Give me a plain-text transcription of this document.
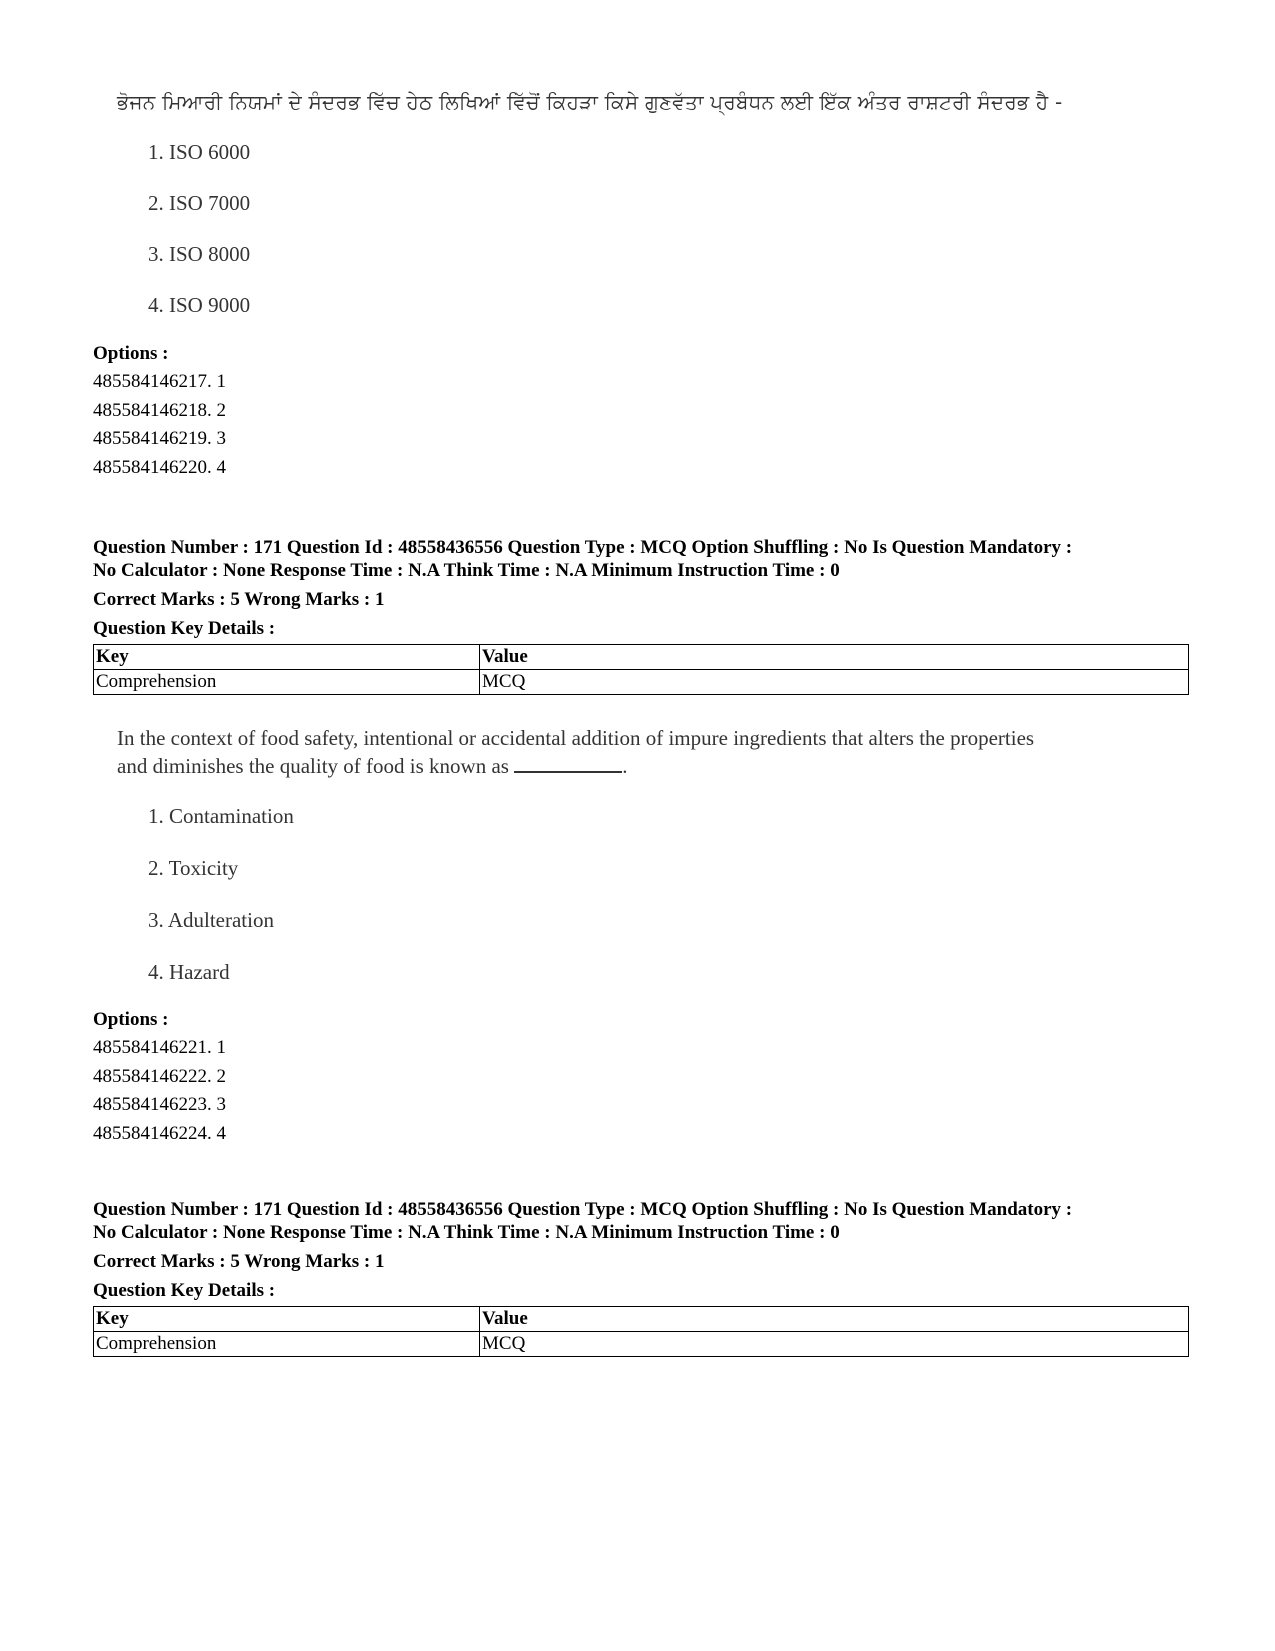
ਭੋਜਨ ਮਿਆਰੀ ਨਿਯਮਾਂ ਦੇ ਸੰਦਰਭ ਵਿੱਚ ਹੇਠ ਲਿਖਿਆਂ ਵਿੱਚੋਂ ਕਿਹੜਾ ਕਿਸੇ ਗੁਣਵੱਤਾ ਪ੍ਰਬੰਧਨ ਲਈ ਇੱਕ ਅੰਤਰ ਰਾਸ਼ਟਰੀ ਸੰਦਰਭ ਹੈ -
1. ISO 6000
2. ISO 7000
3. ISO 8000
4. ISO 9000
Options :
485584146217. 1
485584146218. 2
485584146219. 3
485584146220. 4
Question Number : 171 Question Id : 48558436556 Question Type : MCQ Option Shuffling : No Is Question Mandatory :
No Calculator : None Response Time : N.A Think Time : N.A Minimum Instruction Time : 0
Correct Marks : 5 Wrong Marks : 1
Question Key Details :
Key	Value
Comprehension	MCQ
In the context of food safety, intentional or accidental addition of impure ingredients that alters the properties
and diminishes the quality of food is known as	.
1. Contamination
2. Toxicity
3. Adulteration
4. Hazard
Options :
485584146221. 1
485584146222. 2
485584146223. 3
485584146224. 4
Question Number : 171 Question Id : 48558436556 Question Type : MCQ Option Shuffling : No Is Question Mandatory :
No Calculator : None Response Time : N.A Think Time : N.A Minimum Instruction Time : 0
Correct Marks : 5 Wrong Marks : 1
Question Key Details :
Key	Value
Comprehension	MCQ
